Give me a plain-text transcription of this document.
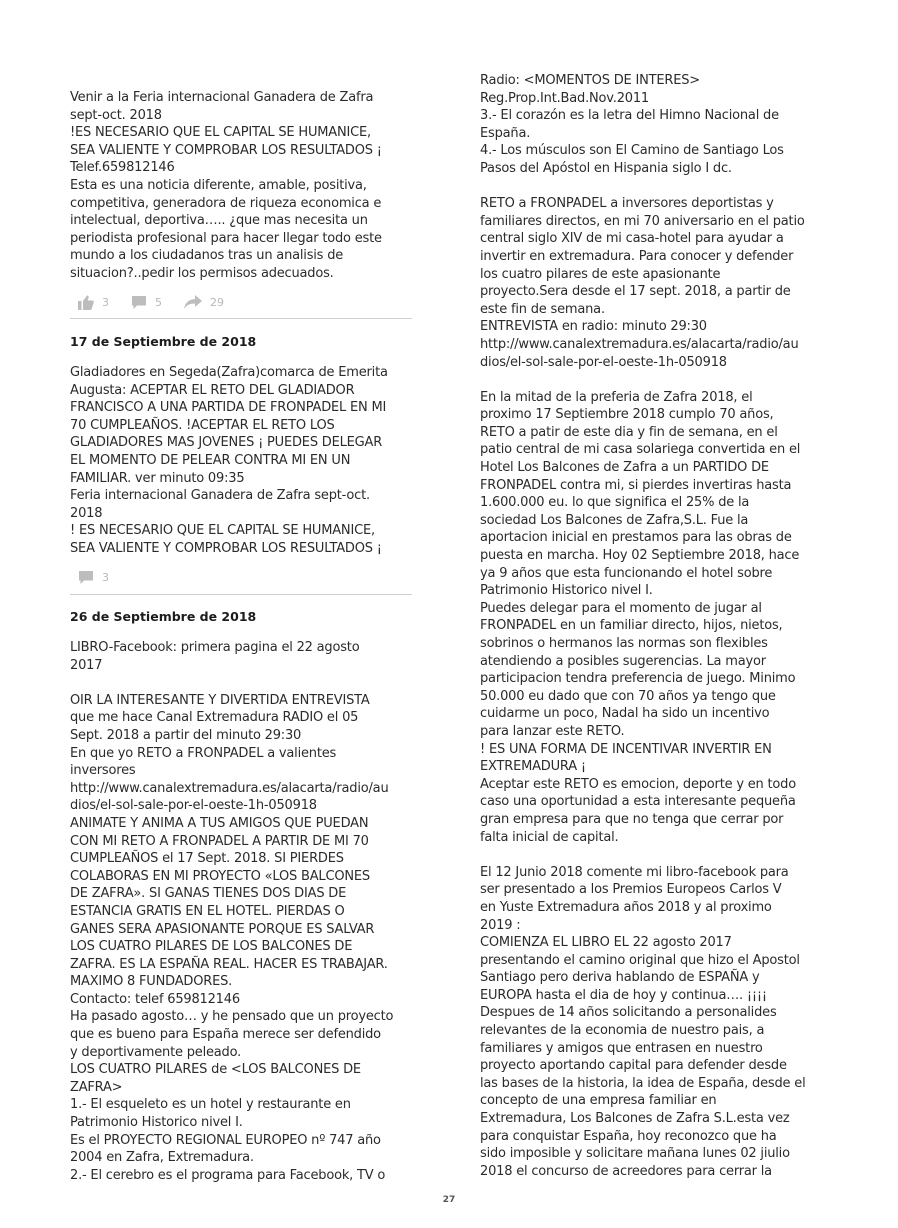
Venir a la Feria internacional Ganadera de Zafra
sept-oct. 2018
!ES NECESARIO QUE EL CAPITAL SE HUMANICE,
SEA VALIENTE Y COMPROBAR LOS RESULTADOS ¡
Telef.659812146
Esta es una noticia diferente, amable, positiva,
competitiva, generadora de riqueza economica e
intelectual, deportiva….. ¿que mas necesita un
periodista profesional para hacer llegar todo este
mundo a los ciudadanos tras un analisis de
situacion?..pedir los permisos adecuados.

3	5	29

17 de Septiembre de 2018

Gladiadores en Segeda(Zafra)comarca de Emerita
Augusta: ACEPTAR EL RETO DEL GLADIADOR
FRANCISCO A UNA PARTIDA DE FRONPADEL EN MI
70 CUMPLEAÑOS. !ACEPTAR EL RETO LOS
GLADIADORES MAS JOVENES ¡ PUEDES DELEGAR
EL MOMENTO DE PELEAR CONTRA MI EN UN
FAMILIAR. ver minuto 09:35
Feria internacional Ganadera de Zafra sept-oct.
2018
! ES NECESARIO QUE EL CAPITAL SE HUMANICE,
SEA VALIENTE Y COMPROBAR LOS RESULTADOS ¡

3

26 de Septiembre de 2018

LIBRO-Facebook: primera pagina el 22 agosto
2017

OIR LA INTERESANTE Y DIVERTIDA ENTREVISTA
que me hace Canal Extremadura RADIO el 05
Sept. 2018 a partir del minuto 29:30
En que yo RETO a FRONPADEL a valientes
inversores
http://www.canalextremadura.es/alacarta/radio/au
dios/el-sol-sale-por-el-oeste-1h-050918
ANIMATE Y ANIMA A TUS AMIGOS QUE PUEDAN
CON MI RETO A FRONPADEL A PARTIR DE MI 70
CUMPLEAÑOS el 17 Sept. 2018. SI PIERDES
COLABORAS EN MI PROYECTO «LOS BALCONES
DE ZAFRA». SI GANAS TIENES DOS DIAS DE
ESTANCIA GRATIS EN EL HOTEL. PIERDAS O
GANES SERA APASIONANTE PORQUE ES SALVAR
LOS CUATRO PILARES DE LOS BALCONES DE
ZAFRA. ES LA ESPAÑA REAL. HACER ES TRABAJAR.
MAXIMO 8 FUNDADORES.
Contacto: telef 659812146
Ha pasado agosto… y he pensado que un proyecto
que es bueno para España merece ser defendido
y deportivamente peleado.
LOS CUATRO PILARES de <LOS BALCONES DE
ZAFRA>
1.- El esqueleto es un hotel y restaurante en
Patrimonio Historico nivel I.
Es el PROYECTO REGIONAL EUROPEO nº 747 año
2004 en Zafra, Extremadura.
2.- El cerebro es el programa para Facebook, TV o

Radio: <MOMENTOS DE INTERES>
Reg.Prop.Int.Bad.Nov.2011
3.- El corazón es la letra del Himno Nacional de
España.
4.- Los músculos son El Camino de Santiago Los
Pasos del Apóstol en Hispania siglo I dc.

RETO a FRONPADEL a inversores deportistas y
familiares directos, en mi 70 aniversario en el patio
central siglo XIV de mi casa-hotel para ayudar a
invertir en extremadura. Para conocer y defender
los cuatro pilares de este apasionante
proyecto.Sera desde el 17 sept. 2018, a partir de
este fin de semana.
ENTREVISTA en radio: minuto 29:30
http://www.canalextremadura.es/alacarta/radio/au
dios/el-sol-sale-por-el-oeste-1h-050918

En la mitad de la preferia de Zafra 2018, el
proximo 17 Septiembre 2018 cumplo 70 años,
RETO a patir de este dia y fin de semana, en el
patio central de mi casa solariega convertida en el
Hotel Los Balcones de Zafra a un PARTIDO DE
FRONPADEL contra mi, si pierdes invertiras hasta
1.600.000 eu. lo que significa el 25% de la
sociedad Los Balcones de Zafra,S.L. Fue la
aportacion inicial en prestamos para las obras de
puesta en marcha. Hoy 02 Septiembre 2018, hace
ya 9 años que esta funcionando el hotel sobre
Patrimonio Historico nivel I.
Puedes delegar para el momento de jugar al
FRONPADEL en un familiar directo, hijos, nietos,
sobrinos o hermanos las normas son flexibles
atendiendo a posibles sugerencias. La mayor
participacion tendra preferencia de juego. Minimo
50.000 eu dado que con 70 años ya tengo que
cuidarme un poco, Nadal ha sido un incentivo
para lanzar este RETO.
! ES UNA FORMA DE INCENTIVAR INVERTIR EN
EXTREMADURA ¡
Aceptar este RETO es emocion, deporte y en todo
caso una oportunidad a esta interesante pequeña
gran empresa para que no tenga que cerrar por
falta inicial de capital.

El 12 Junio 2018 comente mi libro-facebook para
ser presentado a los Premios Europeos Carlos V
en Yuste Extremadura años 2018 y al proximo
2019 :
COMIENZA EL LIBRO EL 22 agosto 2017
presentando el camino original que hizo el Apostol
Santiago pero deriva hablando de ESPAÑA y
EUROPA hasta el dia de hoy y continua…. ¡¡¡¡
Despues de 14 años solicitando a personalides
relevantes de la economia de nuestro pais, a
familiares y amigos que entrasen en nuestro
proyecto aportando capital para defender desde
las bases de la historia, la idea de España, desde el
concepto de una empresa familiar en
Extremadura, Los Balcones de Zafra S.L.esta vez
para conquistar España, hoy reconozco que ha
sido imposible y solicitare mañana lunes 02 jiulio
2018 el concurso de acreedores para cerrar la

27
